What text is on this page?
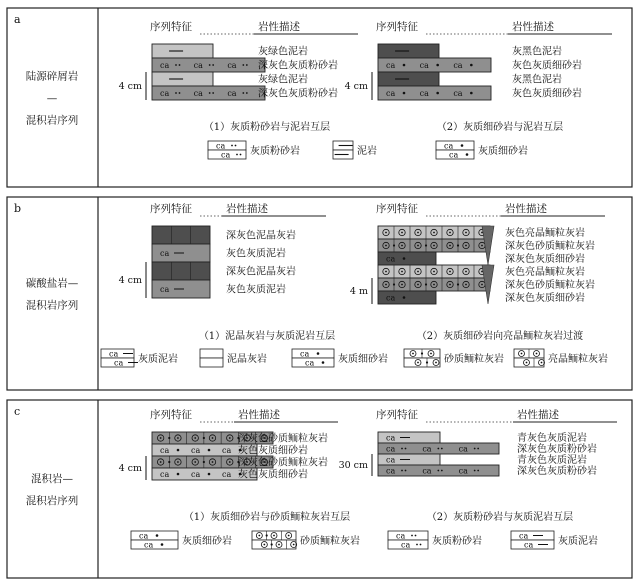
a
陆源碎屑岩
—
混积岩序列
序列特征	岩性描述
灰绿色泥岩
ca	ca	ca 深灰色灰质粉砂岩
灰绿色泥岩
ca	ca	ca 深灰色灰质粉砂岩
4 cm
（1）灰质粉砂岩与泥岩互层
序列特征	岩性描述
灰黑色泥岩
ca	ca	ca	灰色灰质细砂岩
灰黑色泥岩
ca	ca	ca	灰色灰质细砂岩
4 cm
（2）灰质细砂岩与泥岩互层
ca
ca 灰质粉砂岩	泥岩	ca
ca 灰质细砂岩
b
碳酸盐岩—
混积岩序列
序列特征	岩性描述
深灰色泥晶灰岩
ca	灰色灰质泥岩
深灰色泥晶灰岩
ca	灰色灰质泥岩
4 cm
（1）泥晶灰岩与灰质泥岩互层
序列特征	岩性描述
灰色亮晶鲕粒灰岩
深灰色砂质鲕粒灰岩
ca	深灰色灰质细砂岩
灰色亮晶鲕粒灰岩
深灰色砂质鲕粒灰岩
ca	深灰色灰质细砂岩
4 m
（2）灰质细砂岩向亮晶鲕粒灰岩过渡
ca
ca 灰质泥岩	泥晶灰岩	ca
ca 灰质细砂岩	砂质鲕粒灰岩	亮晶鲕粒灰岩
c
混积岩—
混积岩序列
序列特征	岩性描述
深灰色砂质鲕粒灰岩
ca	ca	ca 灰色灰质细砂岩
深灰色砂质鲕粒灰岩
ca	ca	ca 灰色灰质细砂岩
4 cm
（1）灰质细砂岩与砂质鲕粒灰岩互层
序列特征	岩性描述
ca	青灰色灰质泥岩
ca	ca	ca	深灰色灰质粉砂岩
ca	青灰色灰质泥岩
ca	ca	ca	深灰色灰质粉砂岩
30 cm
（2）灰质粉砂岩与灰质泥岩互层
ca
ca	灰质细砂岩	砂质鲕粒灰岩	ca
ca 灰质粉砂岩	ca
ca 灰质泥岩
